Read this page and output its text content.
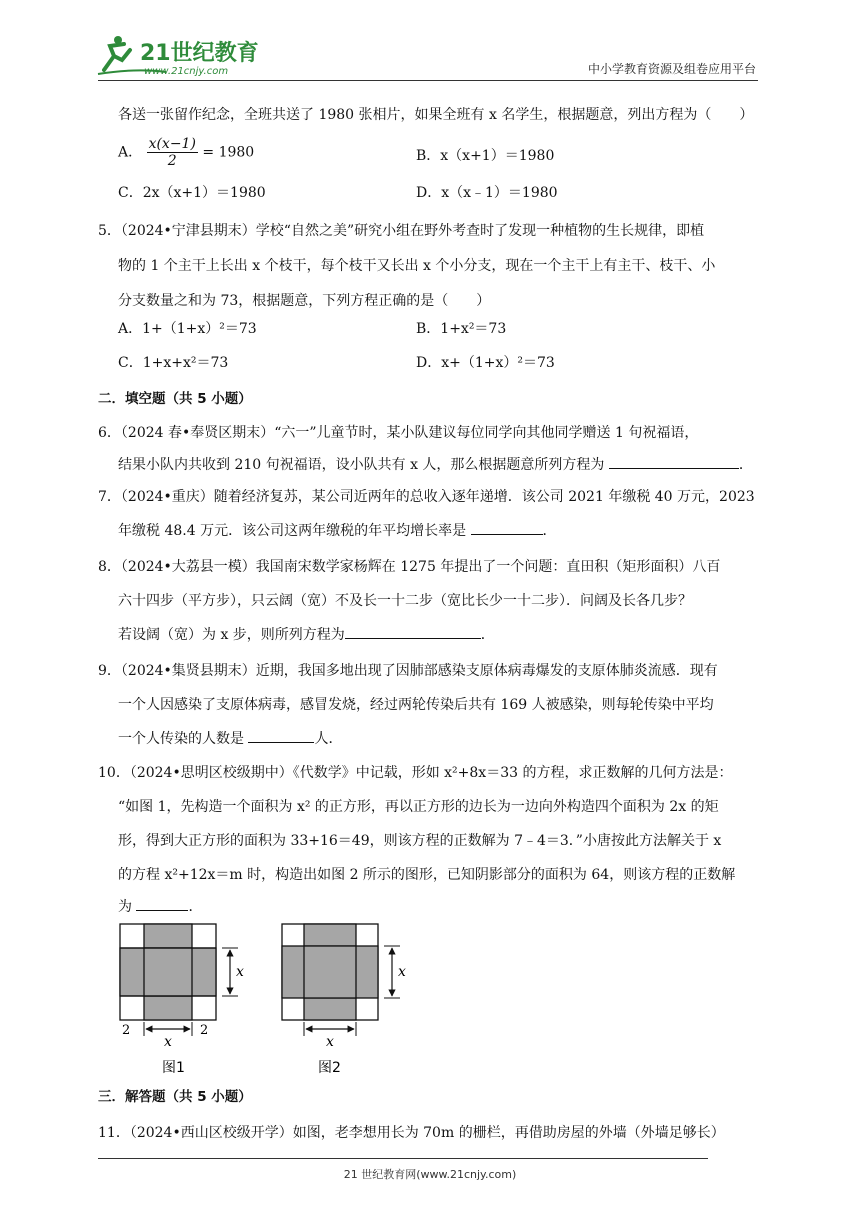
21世纪教育
www.21cnjy.com	中小学教育资源及组卷应用平台
各送一张留作纪念，全班共送了 1980 张相片，如果全班有 x 名学生，根据题意，列出方程为（　　）
A． $\frac{x(x-1)}{2} = 1980$	B．x（x+1）＝1980
C．2x（x+1）＝1980	D．x（x﹣1）＝1980
5．（2024•宁津县期末）学校“自然之美”研究小组在野外考查时了发现一种植物的生长规律，即植
物的 1 个主干上长出 x 个枝干，每个枝干又长出 x 个小分支，现在一个主干上有主干、枝干、小
分支数量之和为 73，根据题意，下列方程正确的是（　　）
A．1+（1+x）²＝73	B．1+x²＝73
C．1+x+x²＝73	D．x+（1+x）²＝73
二．填空题（共 5 小题）
6．（2024 春•奉贤区期末）“六一”儿童节时，某小队建议每位同学向其他同学赠送 1 句祝福语，
结果小队内共收到 210 句祝福语，设小队共有 x 人，那么根据题意所列方程为	．
7．（2024•重庆）随着经济复苏，某公司近两年的总收入逐年递增．该公司 2021 年缴税 40 万元，2023
年缴税 48.4 万元．该公司这两年缴税的年平均增长率是	．
8．（2024•大荔县一模）我国南宋数学家杨辉在 1275 年提出了一个问题：直田积（矩形面积）八百
六十四步（平方步），只云阔（宽）不及长一十二步（宽比长少一十二步）．问阔及长各几步？
若设阔（宽）为 x 步，则所列方程为	．
9．（2024•集贤县期末）近期，我国多地出现了因肺部感染支原体病毒爆发的支原体肺炎流感．现有
一个人因感染了支原体病毒，感冒发烧，经过两轮传染后共有 169 人被感染，则每轮传染中平均
一个人传染的人数是	人．
10．（2024•思明区校级期中）《代数学》中记载，形如 x²+8x＝33 的方程，求正数解的几何方法是：
“如图 1，先构造一个面积为 x² 的正方形，再以正方形的边长为一边向外构造四个面积为 2x 的矩
形，得到大正方形的面积为 33+16＝49，则该方程的正数解为 7﹣4＝3．”小唐按此方法解关于 x
的方程 x²+12x＝m 时，构造出如图 2 所示的图形，已知阴影部分的面积为 64，则该方程的正数解
为	．
x
2	2
x
图1
x
x
图2
三．解答题（共 5 小题）
11．（2024•西山区校级开学）如图，老李想用长为 70m 的栅栏，再借助房屋的外墙（外墙足够长）
21 世纪教育网(www.21cnjy.com)
